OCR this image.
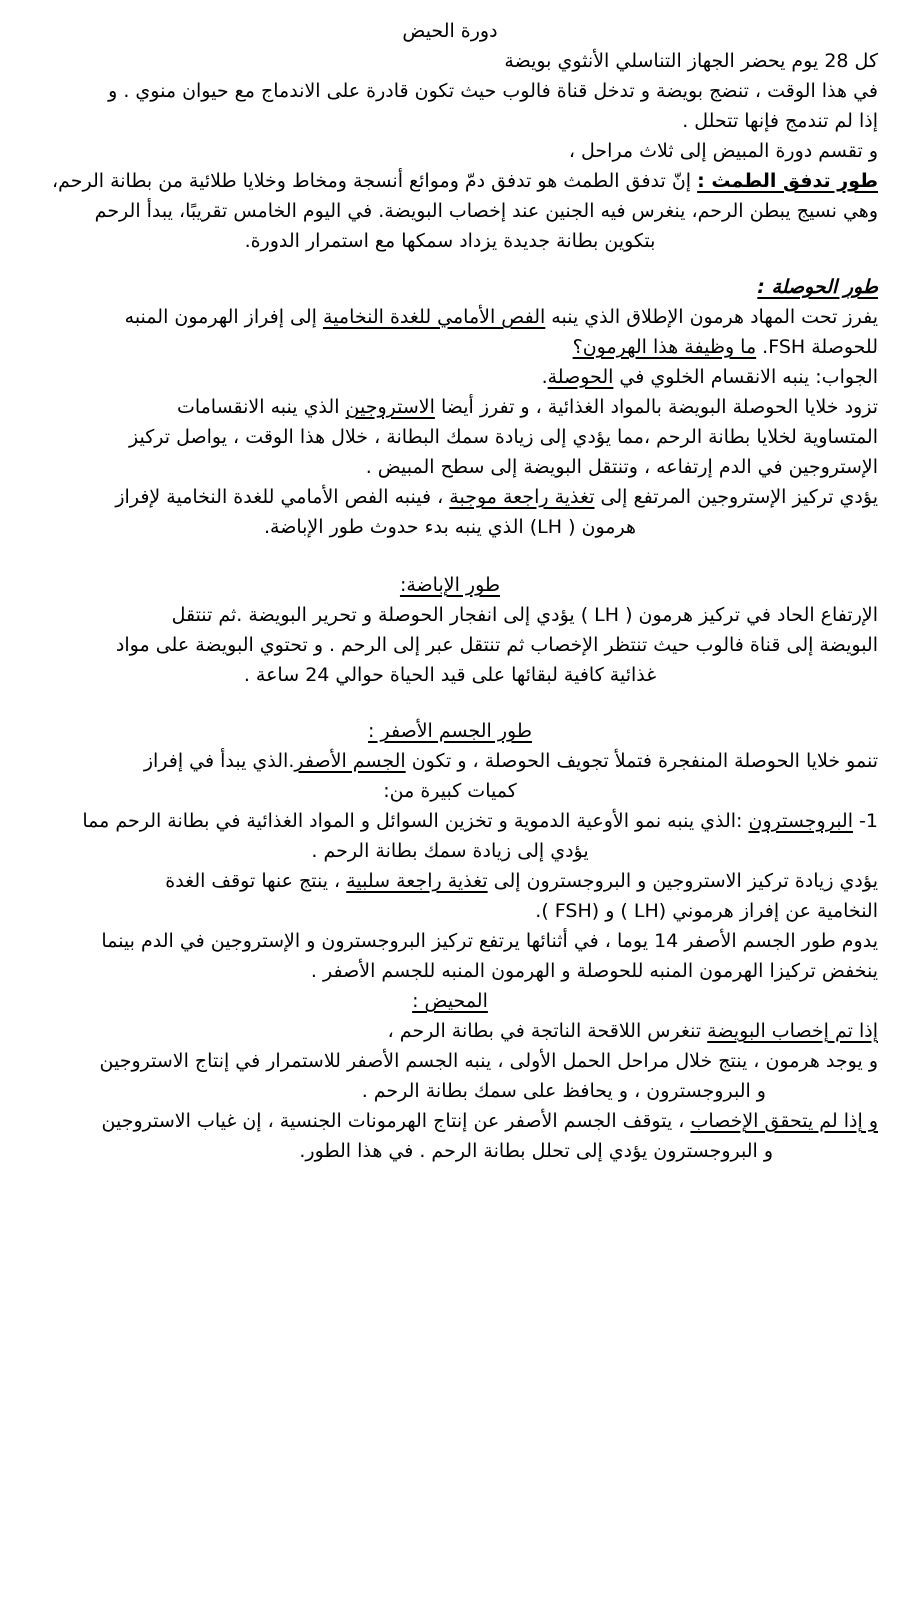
دورة الحيض
كل 28 يوم يحضر الجهاز التناسلي الأنثوي بويضة
في هذا الوقت ، تنضج بويضة و تدخل قناة فالوب حيث تكون قادرة على الاندماج مع حيوان منوي . و
إذا لم تندمج فإنها تتحلل .
و تقسم دورة المبيض إلى ثلاث مراحل ،
طور تدفق الطمث : إنّ تدفق الطمث هو تدفق دمّ وموائع أنسجة ومخاط وخلايا طلائية من بطانة الرحم،
وهي نسيج يبطن الرحم، ينغرس فيه الجنين عند إخصاب البويضة. في اليوم الخامس تقريبًا، يبدأ الرحم
بتكوين بطانة جديدة يزداد سمكها مع استمرار الدورة.
طور الحوصلة :
يفرز تحت المهاد هرمون الإطلاق الذي ينبه الفص الأمامي للغدة النخامية إلى إفراز الهرمون المنبه
للحوصلة FSH. ما وظيفة هذا الهرمون؟
الجواب: ينبه الانقسام الخلوي في الحوصلة.
تزود خلايا الحوصلة البويضة بالمواد الغذائية ، و تفرز أيضا الاستروجين الذي ينبه الانقسامات
المتساوية لخلايا بطانة الرحم ،مما يؤدي إلى زيادة سمك البطانة ، خلال هذا الوقت ، يواصل تركيز
الإستروجين في الدم إرتفاعه ، وتنتقل البويضة إلى سطح المبيض .
يؤدي تركيز الإستروجين المرتفع إلى تغذية راجعة موجبة ، فينبه الفص الأمامي للغدة النخامية لإفراز
هرمون ( LH) الذي ينبه بدء حدوث طور الإباضة.
طور الإباضة:
الإرتفاع الحاد في تركيز هرمون ( LH ) يؤدي إلى انفجار الحوصلة و تحرير البويضة .ثم تنتقل
البويضة إلى قناة فالوب حيث تنتظر الإخصاب ثم تنتقل عبر إلى الرحم . و تحتوي البويضة على مواد
غذائية كافية لبقائها على قيد الحياة حوالي 24 ساعة .
طور الجسم الأصفر :
تنمو خلايا الحوصلة المنفجرة فتملأ تجويف الحوصلة ، و تكون الجسم الأصفر.الذي يبدأ في إفراز
كميات كبيرة من:
1- البروجسترون :الذي ينبه نمو الأوعية الدموية و تخزين السوائل و المواد الغذائية في بطانة الرحم مما
يؤدي إلى زيادة سمك بطانة الرحم .
يؤدي زيادة تركيز الاستروجين و البروجسترون إلى تغذية راجعة سلبية ، ينتج عنها توقف الغدة
النخامية عن إفراز هرموني (LH ) و (FSH ).
يدوم طور الجسم الأصفر 14 يوما ، في أثنائها يرتفع تركيز البروجسترون و الإستروجين في الدم بينما
ينخفض تركيزا الهرمون المنبه للحوصلة و الهرمون المنبه للجسم الأصفر .
المحيض :
إذا تم إخصاب البويضة تنغرس اللاقحة الناتجة في بطانة الرحم ،
و يوجد هرمون ، ينتج خلال مراحل الحمل الأولى ، ينبه الجسم الأصفر للاستمرار في إنتاج الاستروجين
و البروجسترون ، و يحافظ على سمك بطانة الرحم .
و إذا لم يتحقق الإخصاب ، يتوقف الجسم الأصفر عن إنتاج الهرمونات الجنسية ، إن غياب الاستروجين
و البروجسترون يؤدي إلى تحلل بطانة الرحم . في هذا الطور.
